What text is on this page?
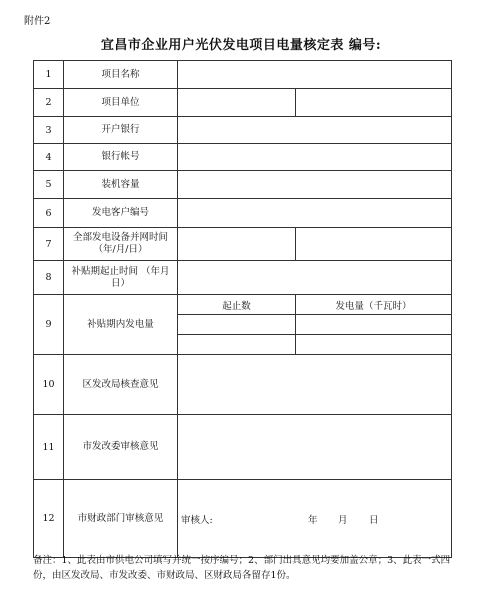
附件2
宜昌市企业用户光伏发电项目电量核定表 编号:
1	项目名称		
2	项目单位		
3	开户银行		
4	银行帐号		
5	装机容量		
6	发电客户编号		
7	全部发电设备并网时间（年/月/日）		
8	补贴期起止时间 （年月日）		
9	补贴期内发电量	起止数	发电量（千瓦时）

10	区发改局核查意见		
11	市发改委审核意见		
12	市财政部门审核意见	审核人: 年 月 日	
备注：1、此表由市供电公司填写并统一按序编号；2、部门出具意见均要加盖公章；3、此表一式四份，由区发改局、市发改委、市财政局、区财政局各留存1份。
